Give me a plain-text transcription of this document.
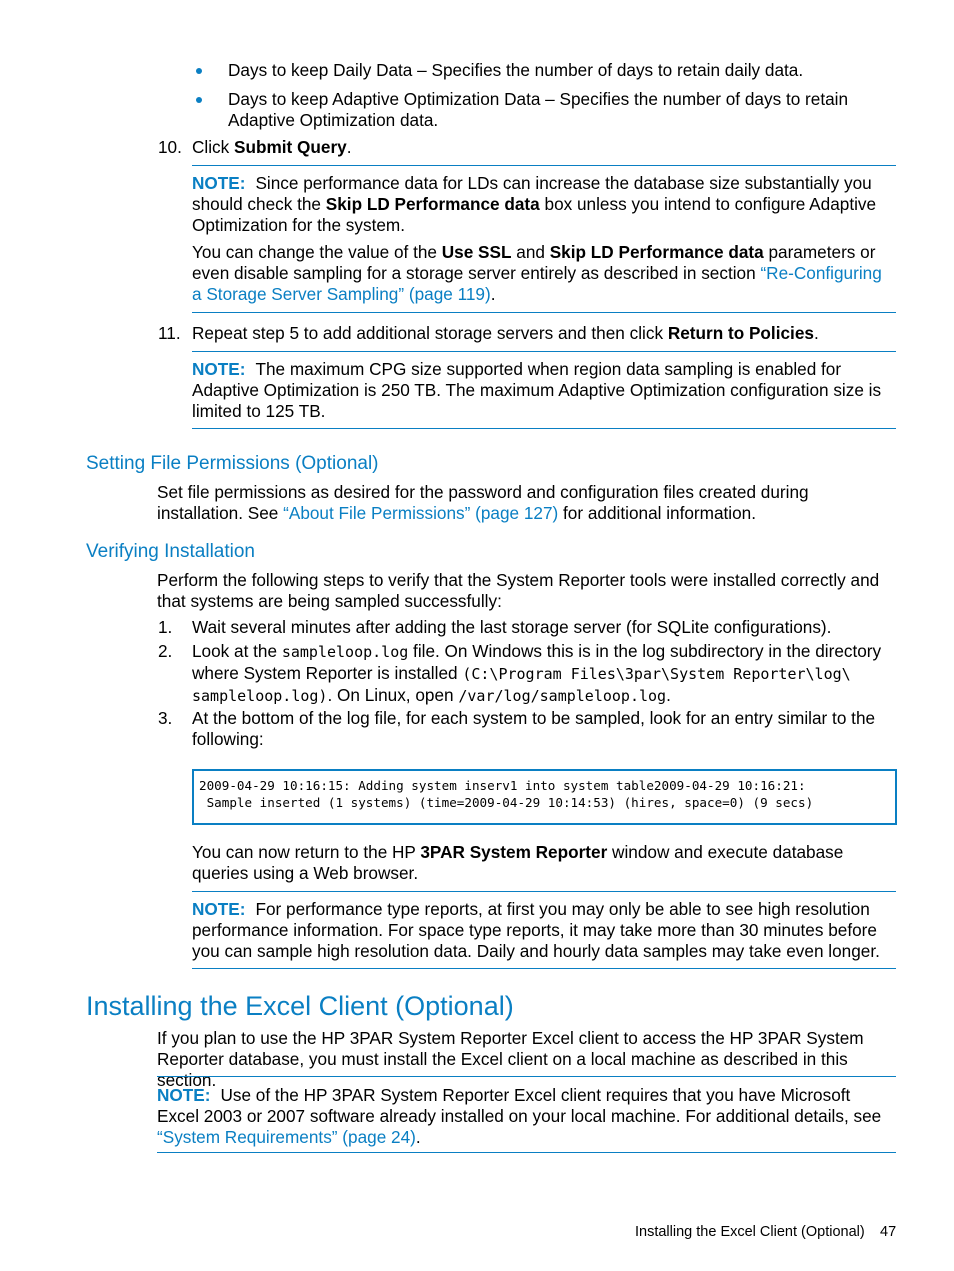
Days to keep Daily Data – Specifies the number of days to retain daily data.

Days to keep Adaptive Optimization Data – Specifies the number of days to retain Adaptive Optimization data.

10. Click Submit Query.

NOTE: Since performance data for LDs can increase the database size substantially you should check the Skip LD Performance data box unless you intend to configure Adaptive Optimization for the system.

You can change the value of the Use SSL and Skip LD Performance data parameters or even disable sampling for a storage server entirely as described in section “Re-Configuring a Storage Server Sampling” (page 119).

11. Repeat step 5 to add additional storage servers and then click Return to Policies.

NOTE: The maximum CPG size supported when region data sampling is enabled for Adaptive Optimization is 250 TB. The maximum Adaptive Optimization configuration size is limited to 125 TB.

Setting File Permissions (Optional)

Set file permissions as desired for the password and configuration files created during installation. See “About File Permissions” (page 127) for additional information.

Verifying Installation

Perform the following steps to verify that the System Reporter tools were installed correctly and that systems are being sampled successfully:

1. Wait several minutes after adding the last storage server (for SQLite configurations).

2. Look at the sampleloop.log file. On Windows this is in the log subdirectory in the directory where System Reporter is installed (C:\Program Files\3par\System Reporter\log\
sampleloop.log). On Linux, open /var/log/sampleloop.log.

3. At the bottom of the log file, for each system to be sampled, look for an entry similar to the following:

2009-04-29 10:16:15: Adding system inserv1 into system table2009-04-29 10:16:21:
Sample inserted (1 systems) (time=2009-04-29 10:14:53) (hires, space=0) (9 secs)

You can now return to the HP 3PAR System Reporter window and execute database queries using a Web browser.

NOTE: For performance type reports, at first you may only be able to see high resolution performance information. For space type reports, it may take more than 30 minutes before you can sample high resolution data. Daily and hourly data samples may take even longer.

Installing the Excel Client (Optional)

If you plan to use the HP 3PAR System Reporter Excel client to access the HP 3PAR System Reporter database, you must install the Excel client on a local machine as described in this section.

NOTE: Use of the HP 3PAR System Reporter Excel client requires that you have Microsoft Excel 2003 or 2007 software already installed on your local machine. For additional details, see “System Requirements” (page 24).

Installing the Excel Client (Optional) 47
